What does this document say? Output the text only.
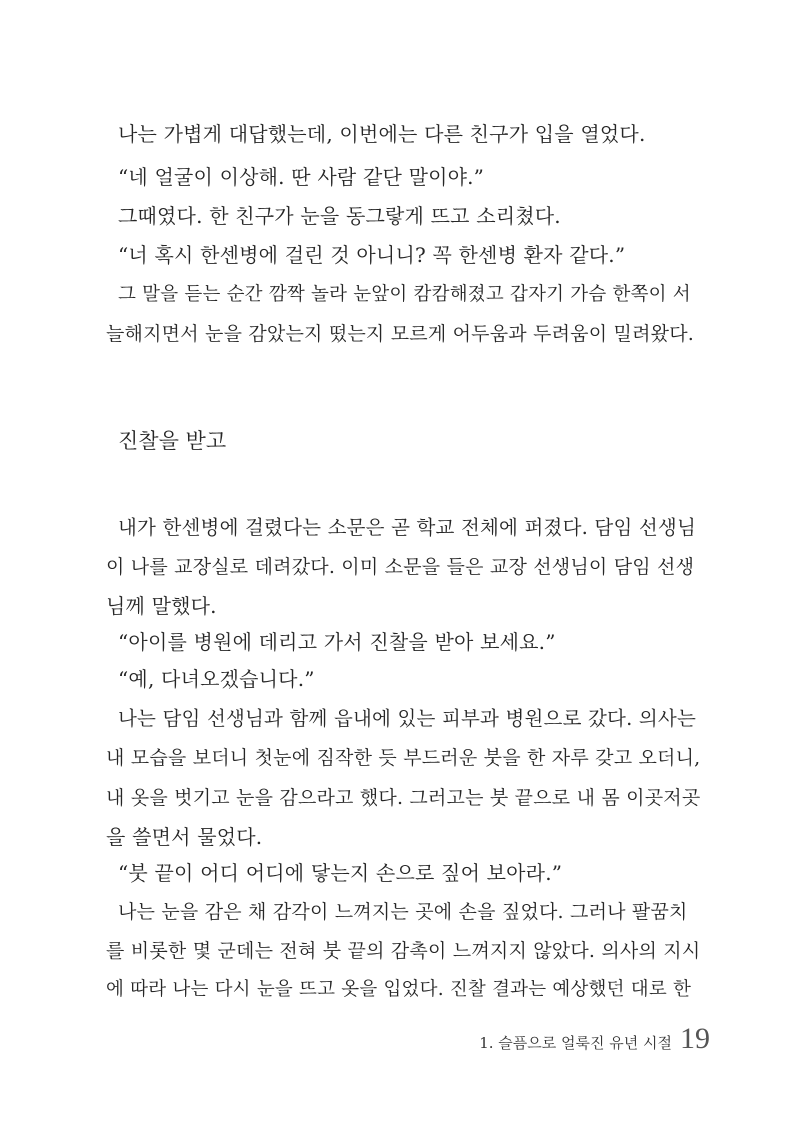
나는 가볍게 대답했는데, 이번에는 다른 친구가 입을 열었다.
“네 얼굴이 이상해. 딴 사람 같단 말이야.”
그때였다. 한 친구가 눈을 동그랗게 뜨고 소리쳤다.
“너 혹시 한센병에 걸린 것 아니니? 꼭 한센병 환자 같다.”
그 말을 듣는 순간 깜짝 놀라 눈앞이 캄캄해졌고 갑자기 가슴 한쪽이 서
늘해지면서 눈을 감았는지 떴는지 모르게 어두움과 두려움이 밀려왔다.
진찰을 받고
내가 한센병에 걸렸다는 소문은 곧 학교 전체에 퍼졌다. 담임 선생님
이 나를 교장실로 데려갔다. 이미 소문을 들은 교장 선생님이 담임 선생
님께 말했다.
“아이를 병원에 데리고 가서 진찰을 받아 보세요.”
“예, 다녀오겠습니다.”
나는 담임 선생님과 함께 읍내에 있는 피부과 병원으로 갔다. 의사는
내 모습을 보더니 첫눈에 짐작한 듯 부드러운 붓을 한 자루 갖고 오더니,
내 옷을 벗기고 눈을 감으라고 했다. 그러고는 붓 끝으로 내 몸 이곳저곳
을 쓸면서 물었다.
“붓 끝이 어디 어디에 닿는지 손으로 짚어 보아라.”
나는 눈을 감은 채 감각이 느껴지는 곳에 손을 짚었다. 그러나 팔꿈치
를 비롯한 몇 군데는 전혀 붓 끝의 감촉이 느껴지지 않았다. 의사의 지시
에 따라 나는 다시 눈을 뜨고 옷을 입었다. 진찰 결과는 예상했던 대로 한
1. 슬픔으로 얼룩진 유년 시절 19
